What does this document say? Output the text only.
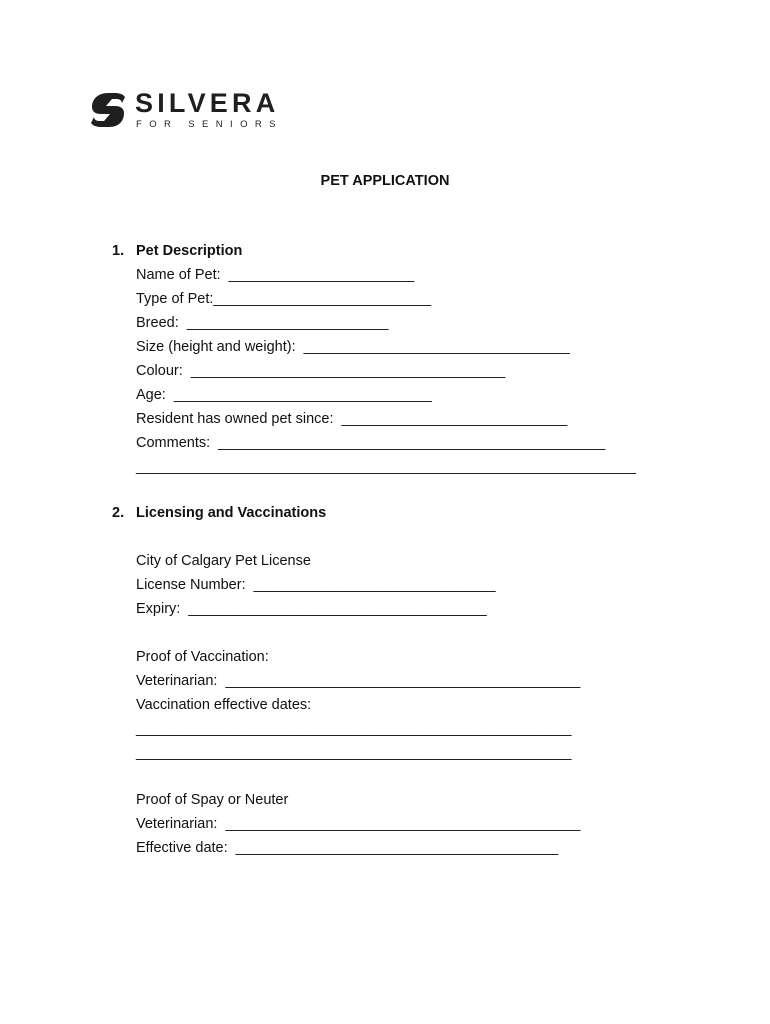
SILVERA
FOR SENIORS
PET APPLICATION
1. Pet Description
Name of Pet:  _______________________
Type of Pet:___________________________
Breed:  _________________________
Size (height and weight):  _________________________________
Colour:  _______________________________________
Age:  ________________________________
Resident has owned pet since:  ____________________________
Comments:  ________________________________________________
______________________________________________________________
2. Licensing and Vaccinations
City of Calgary Pet License
License Number:  ______________________________
Expiry:  _____________________________________
Proof of Vaccination:
Veterinarian:  ____________________________________________
Vaccination effective dates:
______________________________________________________
______________________________________________________
Proof of Spay or Neuter
Veterinarian:  ____________________________________________
Effective date:  ________________________________________
